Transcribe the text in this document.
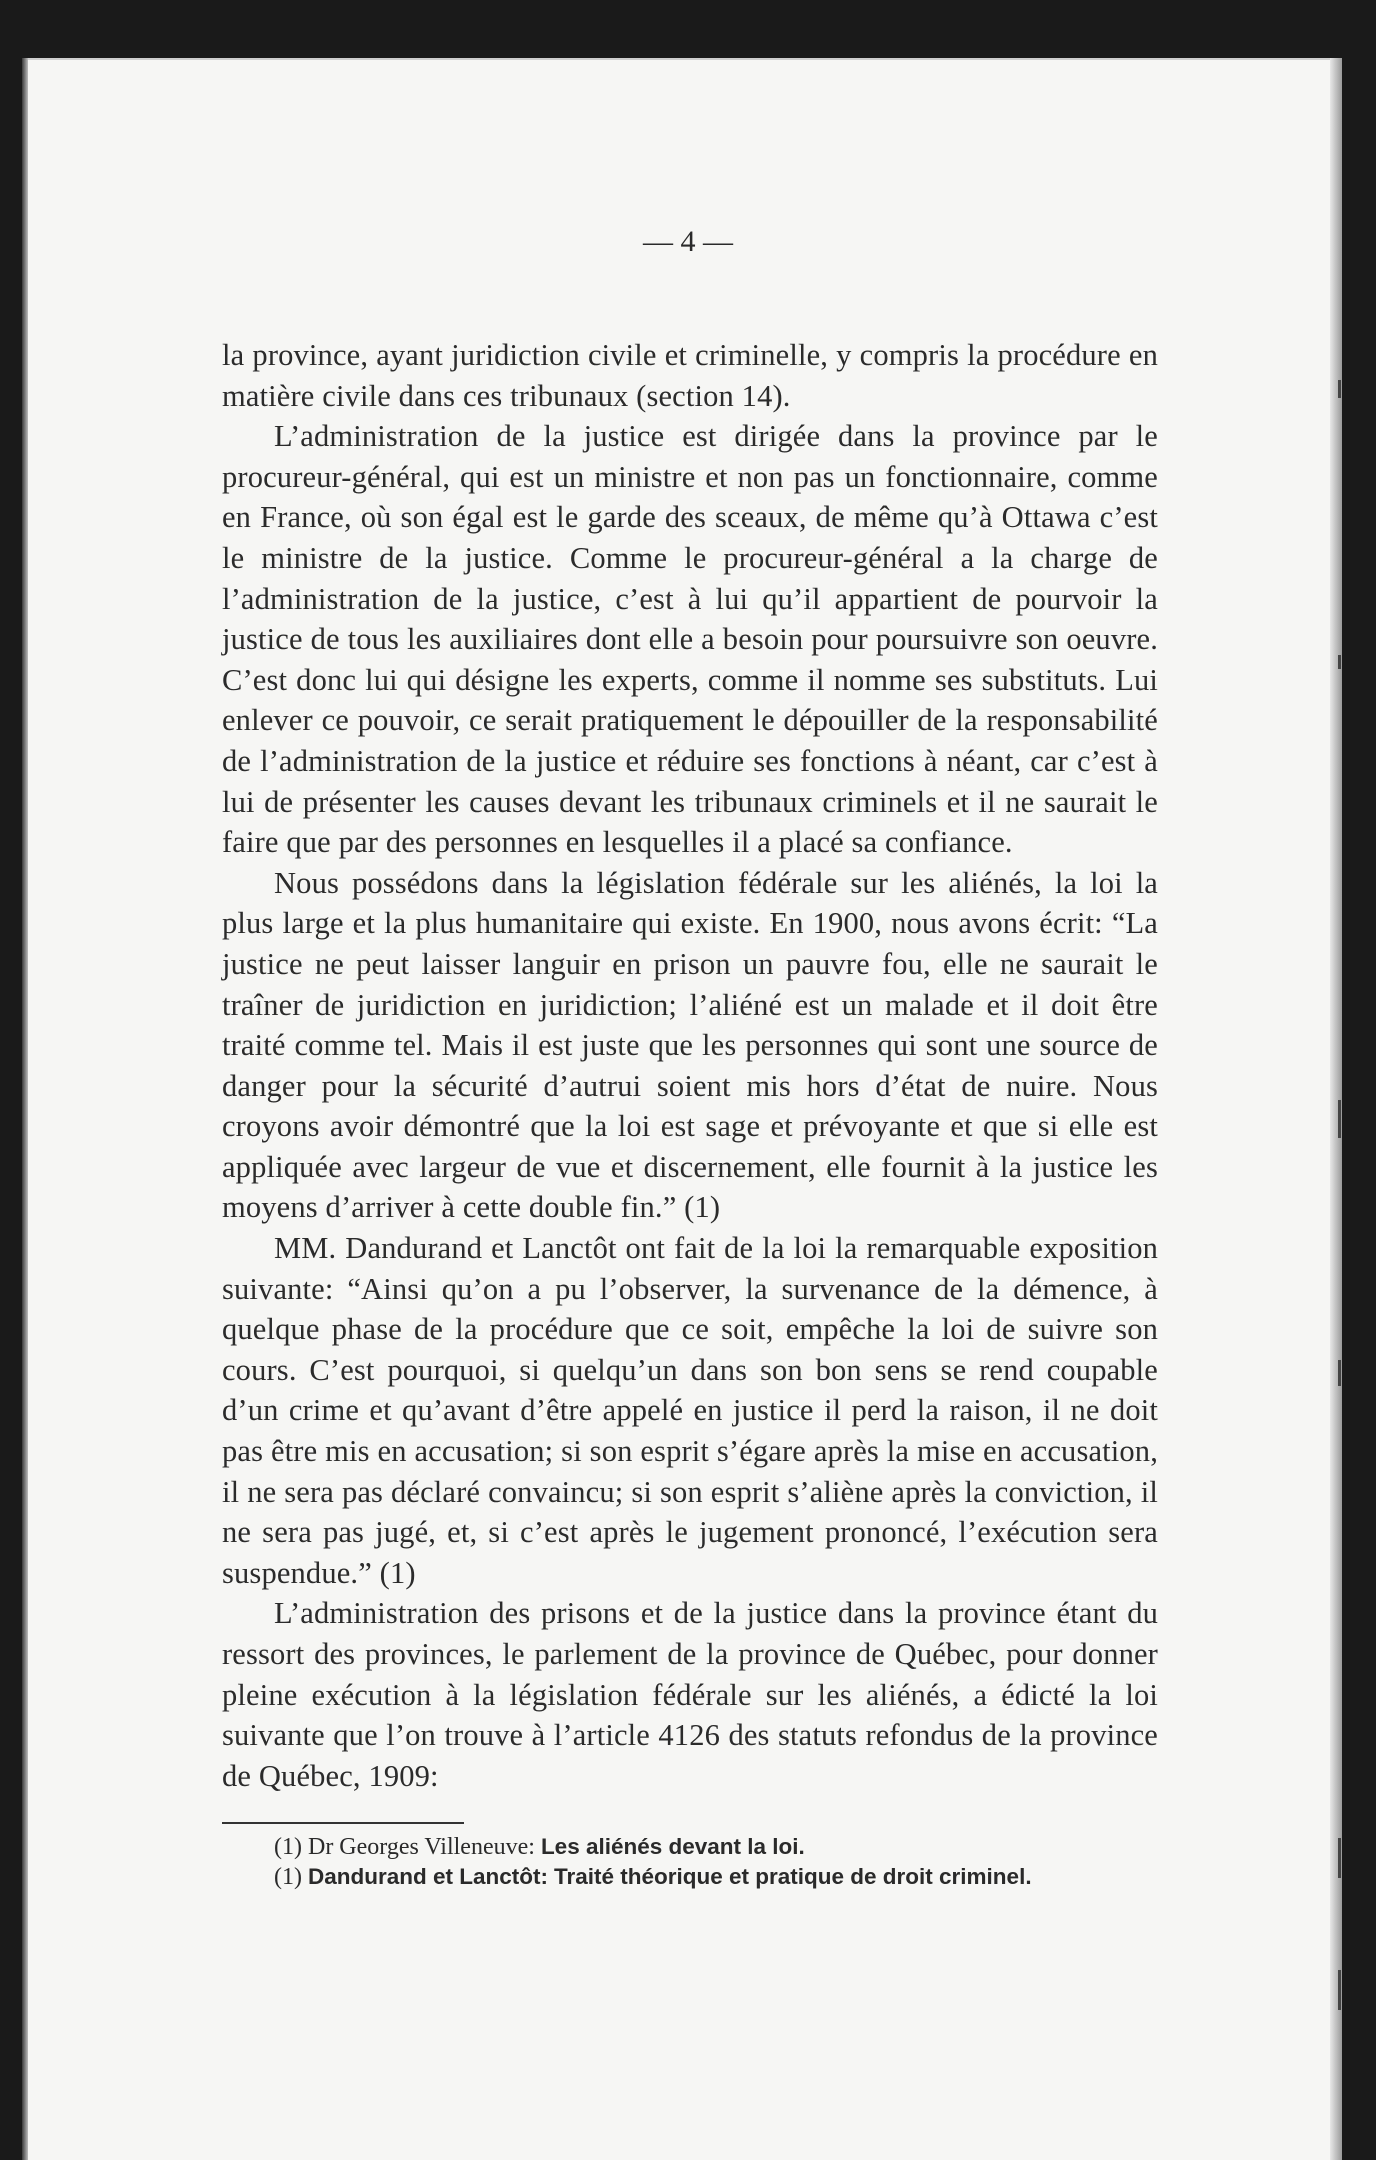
— 4 —

la province, ayant juridiction civile et criminelle, y compris la procédure en matière civile dans ces tribunaux (section 14).

L’administration de la justice est dirigée dans la province par le procureur-général, qui est un ministre et non pas un fonctionnaire, comme en France, où son égal est le garde des sceaux, de même qu’à Ottawa c’est le ministre de la justice. Comme le procureur-général a la charge de l’administration de la justice, c’est à lui qu’il appartient de pourvoir la justice de tous les auxiliaires dont elle a besoin pour poursuivre son oeuvre. C’est donc lui qui désigne les experts, comme il nomme ses substituts. Lui enlever ce pouvoir, ce serait pratiquement le dépouiller de la responsabilité de l’administration de la justice et réduire ses fonctions à néant, car c’est à lui de présenter les causes devant les tribunaux criminels et il ne saurait le faire que par des personnes en lesquelles il a placé sa confiance.

Nous possédons dans la législation fédérale sur les aliénés, la loi la plus large et la plus humanitaire qui existe. En 1900, nous avons écrit: “La justice ne peut laisser languir en prison un pauvre fou, elle ne saurait le traîner de juridiction en juridiction; l’aliéné est un malade et il doit être traité comme tel. Mais il est juste que les personnes qui sont une source de danger pour la sécurité d’autrui soient mis hors d’état de nuire. Nous croyons avoir démontré que la loi est sage et prévoyante et que si elle est appliquée avec largeur de vue et discernement, elle fournit à la justice les moyens d’arriver à cette double fin.” (1)

MM. Dandurand et Lanctôt ont fait de la loi la remarquable exposition suivante: “Ainsi qu’on a pu l’observer, la survenance de la démence, à quelque phase de la procédure que ce soit, empêche la loi de suivre son cours. C’est pourquoi, si quelqu’un dans son bon sens se rend coupable d’un crime et qu’avant d’être appelé en justice il perd la raison, il ne doit pas être mis en accusation; si son esprit s’égare après la mise en accusation, il ne sera pas déclaré convaincu; si son esprit s’aliène après la conviction, il ne sera pas jugé, et, si c’est après le jugement prononcé, l’exécution sera suspendue.” (1)

L’administration des prisons et de la justice dans la province étant du ressort des provinces, le parlement de la province de Québec, pour donner pleine exécution à la législation fédérale sur les aliénés, a édicté la loi suivante que l’on trouve à l’article 4126 des statuts refondus de la province de Québec, 1909:

(1) Dr Georges Villeneuve: Les aliénés devant la loi.

(1) Dandurand et Lanctôt: Traité théorique et pratique de droit criminel.
